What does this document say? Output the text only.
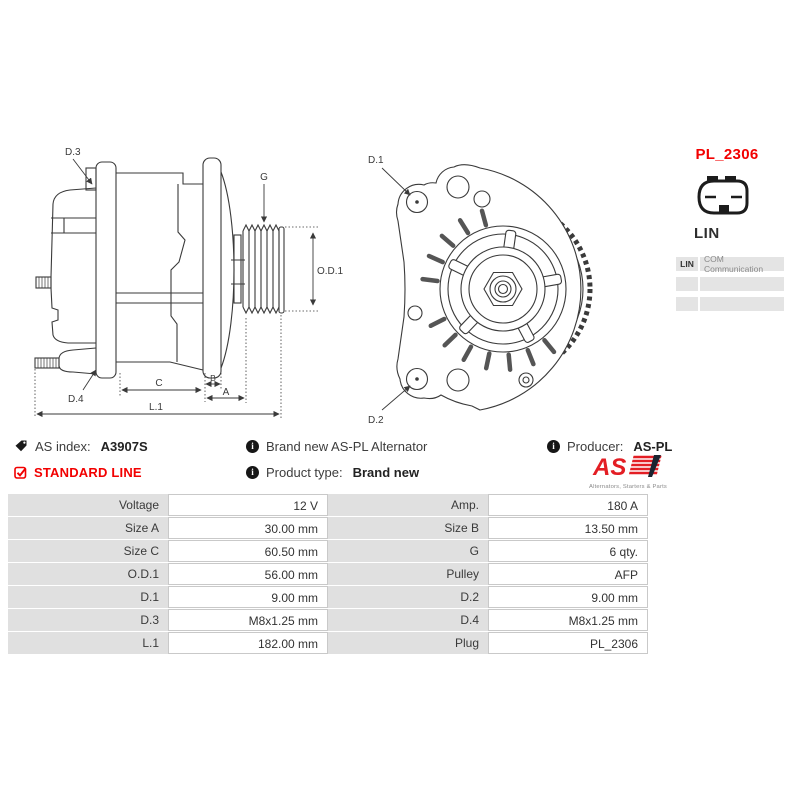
D.3
G
O.D.1
D.4
C	B
A
L.1
D.1
D.2
PL_2306
LIN
LIN	COM Communication
AS index: A3907S
STANDARD LINE
i Brand new AS-PL Alternator
i Product type: Brand new
i Producer: AS-PL
AS
Alternators, Starters & Parts
Voltage	12 V	Amp.	180 A
Size A	30.00 mm	Size B	13.50 mm
Size C	60.50 mm	G	6 qty.
O.D.1	56.00 mm	Pulley	AFP
D.1	9.00 mm	D.2	9.00 mm
D.3	M8x1.25 mm	D.4	M8x1.25 mm
L.1	182.00 mm	Plug	PL_2306
